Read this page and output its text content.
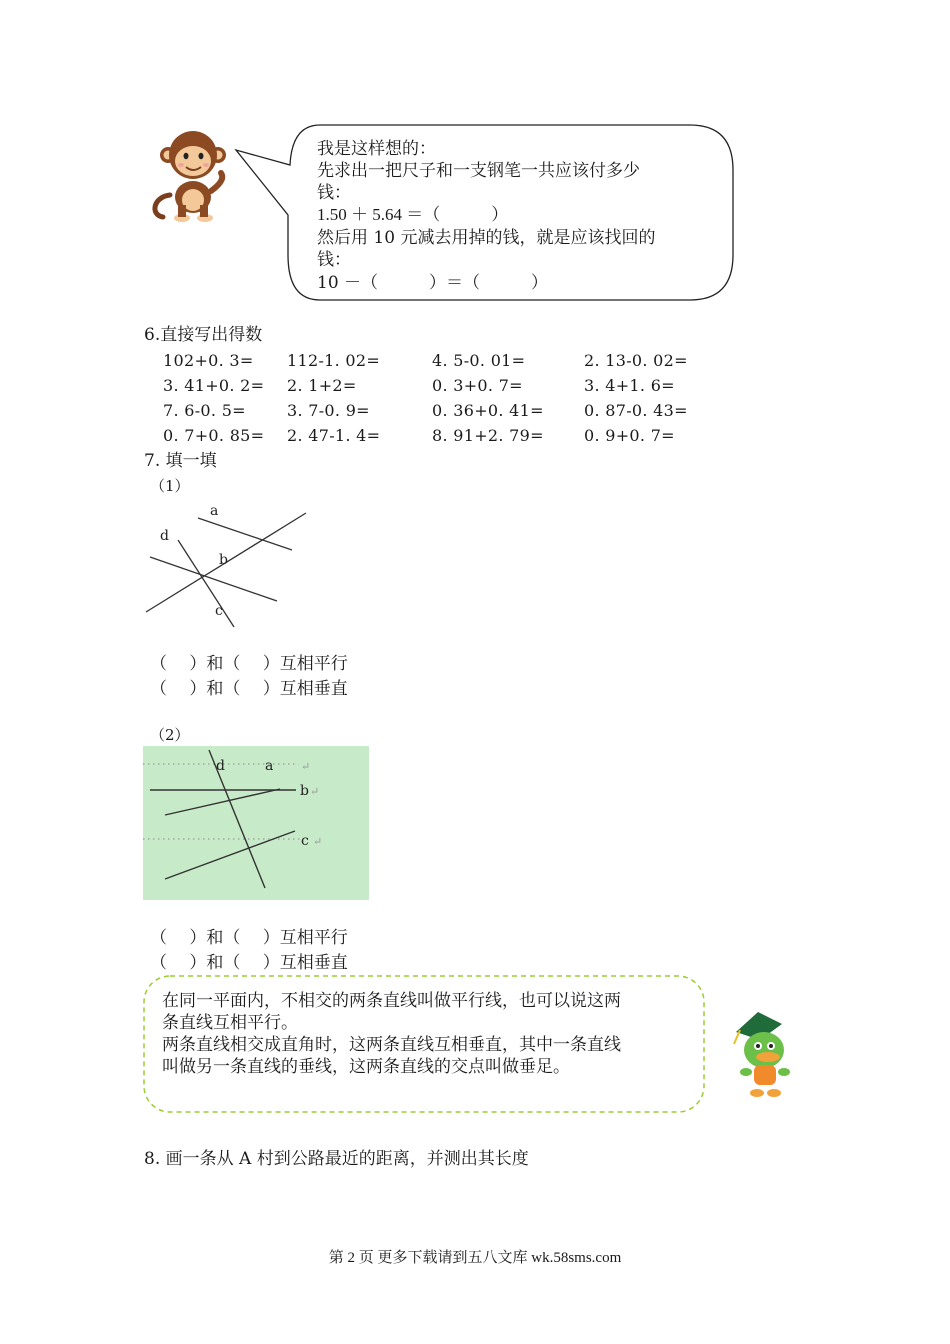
我是这样想的：
先求出一把尺子和一支钢笔一共应该付多少
钱：
1.50 ＋ 5.64 ＝（　　　）
然后用 10 元减去用掉的钱，就是应该找回的
钱：
10 －（　　　）＝（　　　）
6.直接写出得数
102+0. 3= 112-1. 02=	4. 5-0. 01=	2. 13-0. 02=
3. 41+0. 2= 2. 1+2=	0. 3+0. 7=	3. 4+1. 6=
7. 6-0. 5=	3. 7-0. 9=	0. 36+0. 41=	0. 87-0. 43=
0. 7+0. 85= 2. 47-1. 4=	8. 91+2. 79=	0. 9+0. 7=
7. 填一填
（1）
a
b
c
d
（　 ）和（　 ）互相平行
（　 ）和（　 ）互相垂直
（2）
d	a
b
c
↵
↵
↵
（　 ）和（　 ）互相平行
（　 ）和（　 ）互相垂直
在同一平面内，不相交的两条直线叫做平行线，也可以说这两
条直线互相平行。
两条直线相交成直角时，这两条直线互相垂直，其中一条直线
叫做另一条直线的垂线，这两条直线的交点叫做垂足。
8. 画一条从 A 村到公路最近的距离，并测出其长度
第 2 页 更多下载请到五八文库 wk.58sms.com
